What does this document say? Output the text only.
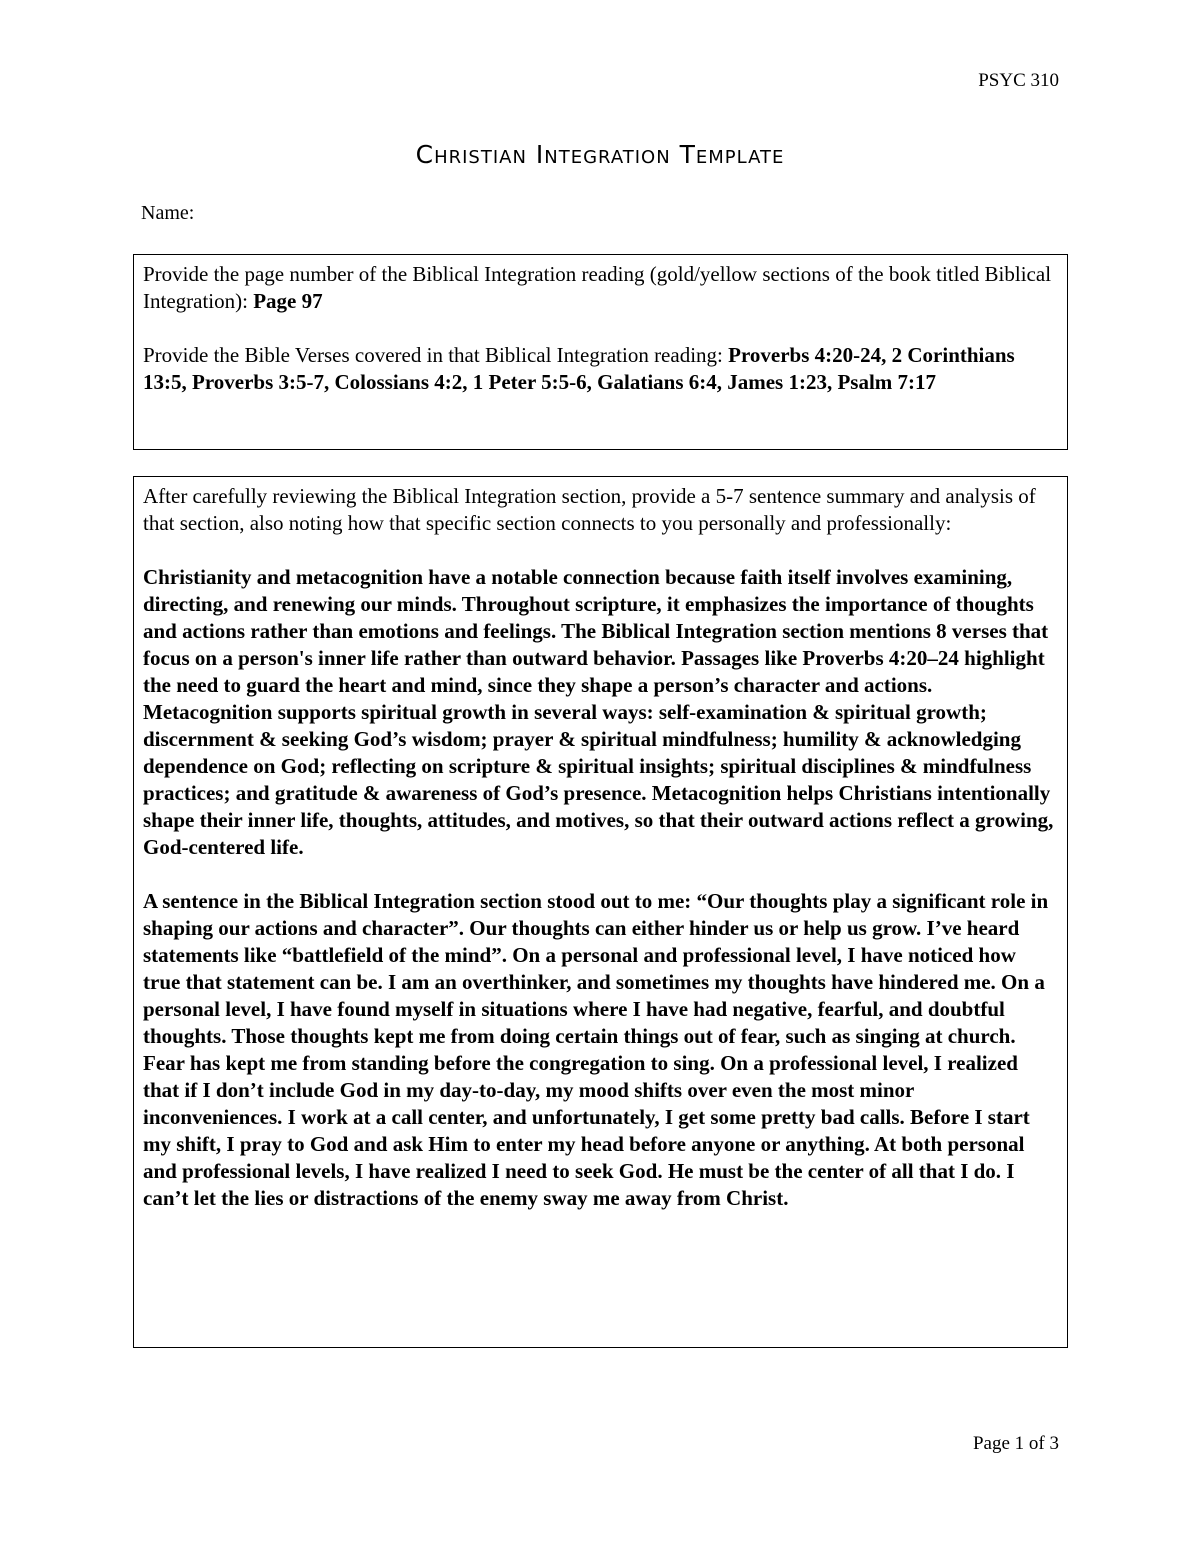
PSYC 310
Christian Integration Template
Name:

Provide the page number of the Biblical Integration reading (gold/yellow sections of the book titled Biblical Integration): Page 97

Provide the Bible Verses covered in that Biblical Integration reading: Proverbs 4:20-24, 2 Corinthians 13:5, Proverbs 3:5-7, Colossians 4:2, 1 Peter 5:5-6, Galatians 6:4, James 1:23, Psalm 7:17

After carefully reviewing the Biblical Integration section, provide a 5-7 sentence summary and analysis of that section, also noting how that specific section connects to you personally and professionally:

Christianity and metacognition have a notable connection because faith itself involves examining, directing, and renewing our minds. Throughout scripture, it emphasizes the importance of thoughts and actions rather than emotions and feelings. The Biblical Integration section mentions 8 verses that focus on a person's inner life rather than outward behavior. Passages like Proverbs 4:20–24 highlight the need to guard the heart and mind, since they shape a person’s character and actions. Metacognition supports spiritual growth in several ways: self-examination & spiritual growth; discernment & seeking God’s wisdom; prayer & spiritual mindfulness; humility & acknowledging dependence on God; reflecting on scripture & spiritual insights; spiritual disciplines & mindfulness practices; and gratitude & awareness of God’s presence. Metacognition helps Christians intentionally shape their inner life, thoughts, attitudes, and motives, so that their outward actions reflect a growing, God-centered life.

A sentence in the Biblical Integration section stood out to me: “Our thoughts play a significant role in shaping our actions and character”. Our thoughts can either hinder us or help us grow. I’ve heard statements like “battlefield of the mind”. On a personal and professional level, I have noticed how true that statement can be. I am an overthinker, and sometimes my thoughts have hindered me. On a personal level, I have found myself in situations where I have had negative, fearful, and doubtful thoughts. Those thoughts kept me from doing certain things out of fear, such as singing at church. Fear has kept me from standing before the congregation to sing. On a professional level, I realized that if I don’t include God in my day-to-day, my mood shifts over even the most minor inconveniences. I work at a call center, and unfortunately, I get some pretty bad calls. Before I start my shift, I pray to God and ask Him to enter my head before anyone or anything. At both personal and professional levels, I have realized I need to seek God. He must be the center of all that I do. I can’t let the lies or distractions of the enemy sway me away from Christ.

Page 1 of 3
